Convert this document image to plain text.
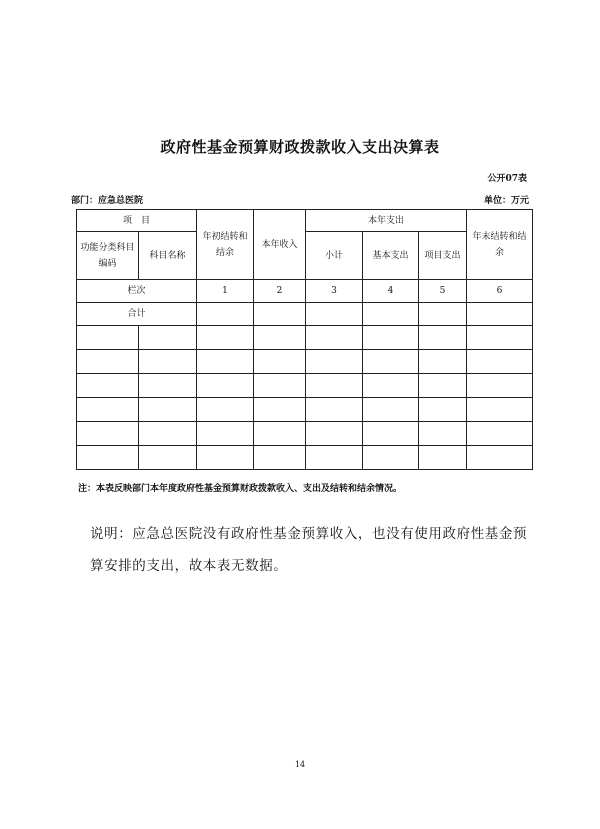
政府性基金预算财政拨款收入支出决算表
公开07表
部门：应急总医院	单位：万元
项　目		年初结转和结余	本年收入	本年支出			年末结转和结余

功能分类科目编码	科目名称			小计	基本支出	项目支出	
栏次		1	2	3	4	5	6
合计							

注：本表反映部门本年度政府性基金预算财政拨款收入、支出及结转和结余情况。
说明：应急总医院没有政府性基金预算收入，也没有使用政府性基金预算安排的支出，故本表无数据。
14
